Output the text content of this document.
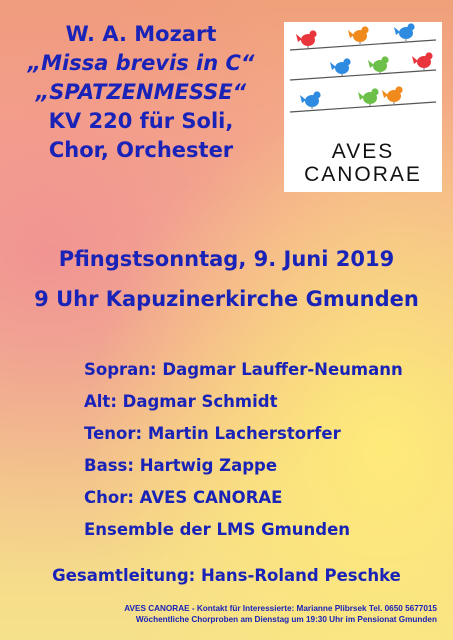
W. A. Mozart
„Missa brevis in C“
„SPATZENMESSE“
KV 220 für Soli,
Chor, Orchester	AVES
CANORAE
Pfingstsonntag, 9. Juni 2019
9 Uhr Kapuzinerkirche Gmunden
Sopran: Dagmar Lauffer-Neumann
Alt: Dagmar Schmidt
Tenor: Martin Lacherstorfer
Bass: Hartwig Zappe
Chor: AVES CANORAE
Ensemble der LMS Gmunden
Gesamtleitung: Hans-Roland Peschke
AVES CANORAE - Kontakt für Interessierte: Marianne Plibrsek Tel. 0650 5677015
Wöchentliche Chorproben am Dienstag um 19:30 Uhr im Pensionat Gmunden
